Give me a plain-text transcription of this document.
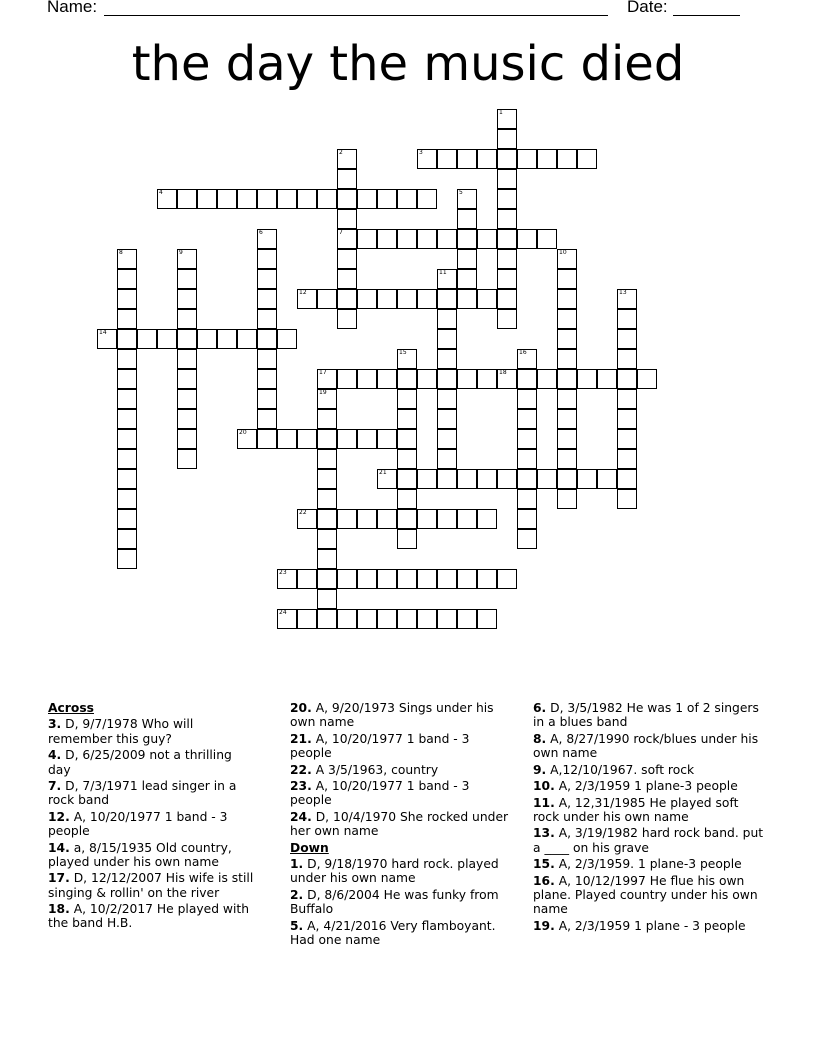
Name:	Date:
the day the music died
1
2
7
3
4	5
6
8	9	10
11
12	13
14
15	16
17	18
19
20
21
22
23
24
Across
3. D, 9/7/1978 Who will remember this guy?
4. D, 6/25/2009 not a thrilling day
7. D, 7/3/1971 lead singer in a rock band
12. A, 10/20/1977 1 band - 3 people
14. a, 8/15/1935 Old country, played under his own name
17. D, 12/12/2007 His wife is still singing & rollin' on the river
18. A, 10/2/2017 He played with the band H.B.
20. A, 9/20/1973 Sings under his own name
21. A, 10/20/1977 1 band - 3 people
22. A 3/5/1963, country
23. A, 10/20/1977 1 band - 3 people
24. D, 10/4/1970 She rocked under her own name
Down
1. D, 9/18/1970 hard rock. played under his own name
2. D, 8/6/2004 He was funky from Buffalo
5. A, 4/21/2016 Very flamboyant. Had one name
6. D, 3/5/1982 He was 1 of 2 singers in a blues band
8. A, 8/27/1990 rock/blues under his own name
9. A,12/10/1967. soft rock
10. A, 2/3/1959 1 plane-3 people
11. A, 12,31/1985 He played soft rock under his own name
13. A, 3/19/1982 hard rock band. put a ____ on his grave
15. A, 2/3/1959. 1 plane-3 people
16. A, 10/12/1997 He flue his own plane. Played country under his own name
19. A, 2/3/1959 1 plane - 3 people
